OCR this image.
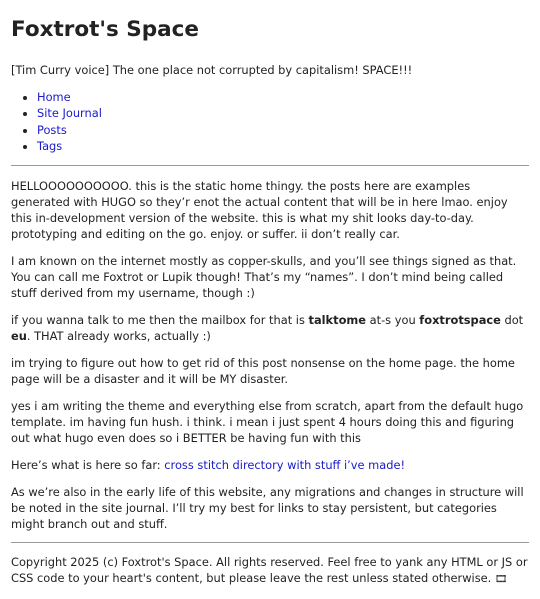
Foxtrot's Space

[Tim Curry voice] The one place not corrupted by capitalism! SPACE!!!

• Home
• Site Journal
• Posts
• Tags

HELLOOOOOOOOOO. this is the static home thingy. the posts here are examples generated with HUGO so they’r enot the actual content that will be in here lmao. enjoy this in-development version of the website. this is what my shit looks day-to-day. prototyping and editing on the go. enjoy. or suffer. ii don’t really car.

I am known on the internet mostly as copper-skulls, and you’ll see things signed as that. You can call me Foxtrot or Lupik though! That’s my “names”. I don’t mind being called stuff derived from my username, though :)

if you wanna talk to me then the mailbox for that is talktome at-s you foxtrotspace dot eu. THAT already works, actually :)

im trying to figure out how to get rid of this post nonsense on the home page. the home page will be a disaster and it will be MY disaster.

yes i am writing the theme and everything else from scratch, apart from the default hugo template. im having fun hush. i think. i mean i just spent 4 hours doing this and figuring out what hugo even does so i BETTER be having fun with this

Here’s what is here so far: cross stitch directory with stuff i’ve made!

As we’re also in the early life of this website, any migrations and changes in structure will be noted in the site journal. I’ll try my best for links to stay persistent, but categories might branch out and stuff.

Copyright 2025 (c) Foxtrot's Space. All rights reserved. Feel free to yank any HTML or JS or CSS code to your heart's content, but please leave the rest unless stated otherwise. 🎞
